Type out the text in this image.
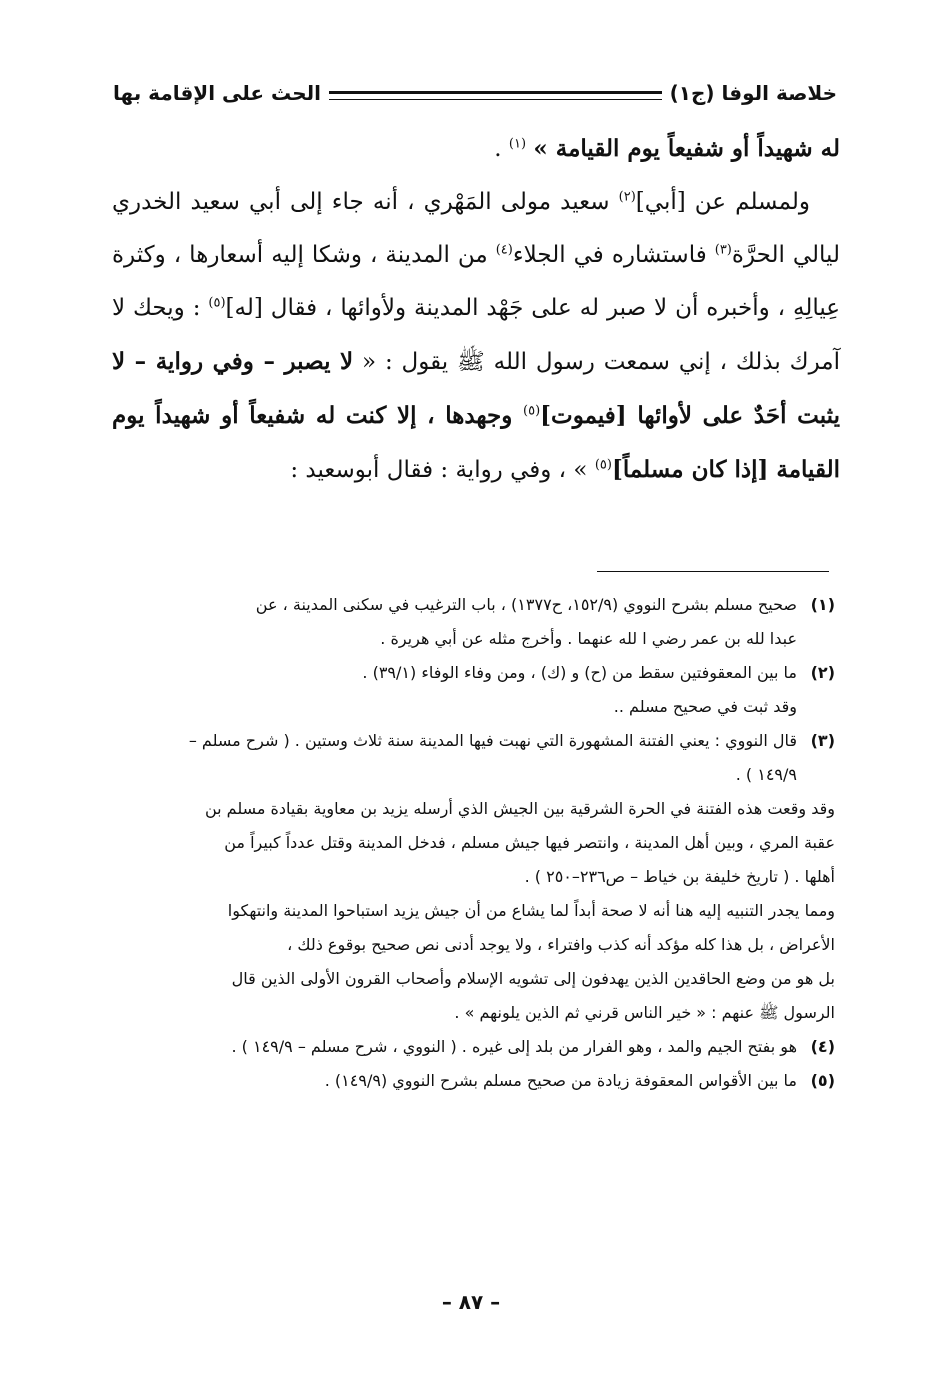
خلاصة الوفا (ج١)
الحث على الإقامة بها

له شهيداً أو شفيعاً يوم القيامة » $^{(١)}$ .

ولمسلم عن [أبي]$^{(٢)}$ سعيد مولى المَهْري ، أنه جاء إلى أبي سعيد الخدري ليالي الحرَّة$^{(٣)}$ فاستشاره في الجلاء$^{(٤)}$ من المدينة ، وشكا إليه أسعارها ، وكثرة عِيالِهِ ، وأخبره أن لا صبر له على جَهْد المدينة ولأوائها ، فقال [له]$^{(٥)}$ : ويحك لا آمرك بذلك ، إني سمعت رسول الله ﷺ يقول : « لا يصبر – وفي رواية – لا يثبت أحَدٌ على لأوائها [فيموت]$^{(٥)}$ وجهدها ، إلا كنت له شفيعاً أو شهيداً يوم القيامة [إذا كان مسلماً]$^{(٥)}$ » ، وفي رواية : فقال أبوسعيد :

(١)
صحيح مسلم بشرح النووي (١٥٢/٩، ح١٣٧٧) ، باب الترغيب في سكنى المدينة ، عن
عبدا لله بن عمر رضي ا لله عنهما . وأخرج مثله عن أبي هريرة .
(٢)
ما بين المعقوفتين سقط من (ح) و (ك) ، ومن وفاء الوفاء (٣٩/١) .
وقد ثبت في صحيح مسلم ..
(٣)
قال النووي : يعني الفتنة المشهورة التي نهبت فيها المدينة سنة ثلاث وستين . ( شرح مسلم –
١٤٩/٩ ) .
وقد وقعت هذه الفتنة في الحرة الشرقية بين الجيش الذي أرسله يزيد بن معاوية بقيادة مسلم بن
عقبة المري ، وبين أهل المدينة ، وانتصر فيها جيش مسلم ، فدخل المدينة وقتل عدداً كبيراً من
أهلها . ( تاريخ خليفة بن خياط – ص٢٣٦–٢٥٠ ) .
ومما يجدر التنبيه إليه هنا أنه لا صحة أبداً لما يشاع من أن جيش يزيد استباحوا المدينة وانتهكوا
الأعراض ، بل هذا كله مؤكد أنه كذب وافتراء ، ولا يوجد أدنى نص صحيح بوقوع ذلك ،
بل هو من وضع الحاقدين الذين يهدفون إلى تشويه الإسلام وأصحاب القرون الأولى الذين قال
الرسول ﷺ عنهم : « خير الناس قرني ثم الذين يلونهم » .
(٤)
هو بفتح الجيم والمد ، وهو الفرار من بلد إلى غيره . ( النووي ، شرح مسلم – ١٤٩/٩ ) .
(٥)
ما بين الأقواس المعقوفة زيادة من صحيح مسلم بشرح النووي (١٤٩/٩) .
– ٨٧ –
